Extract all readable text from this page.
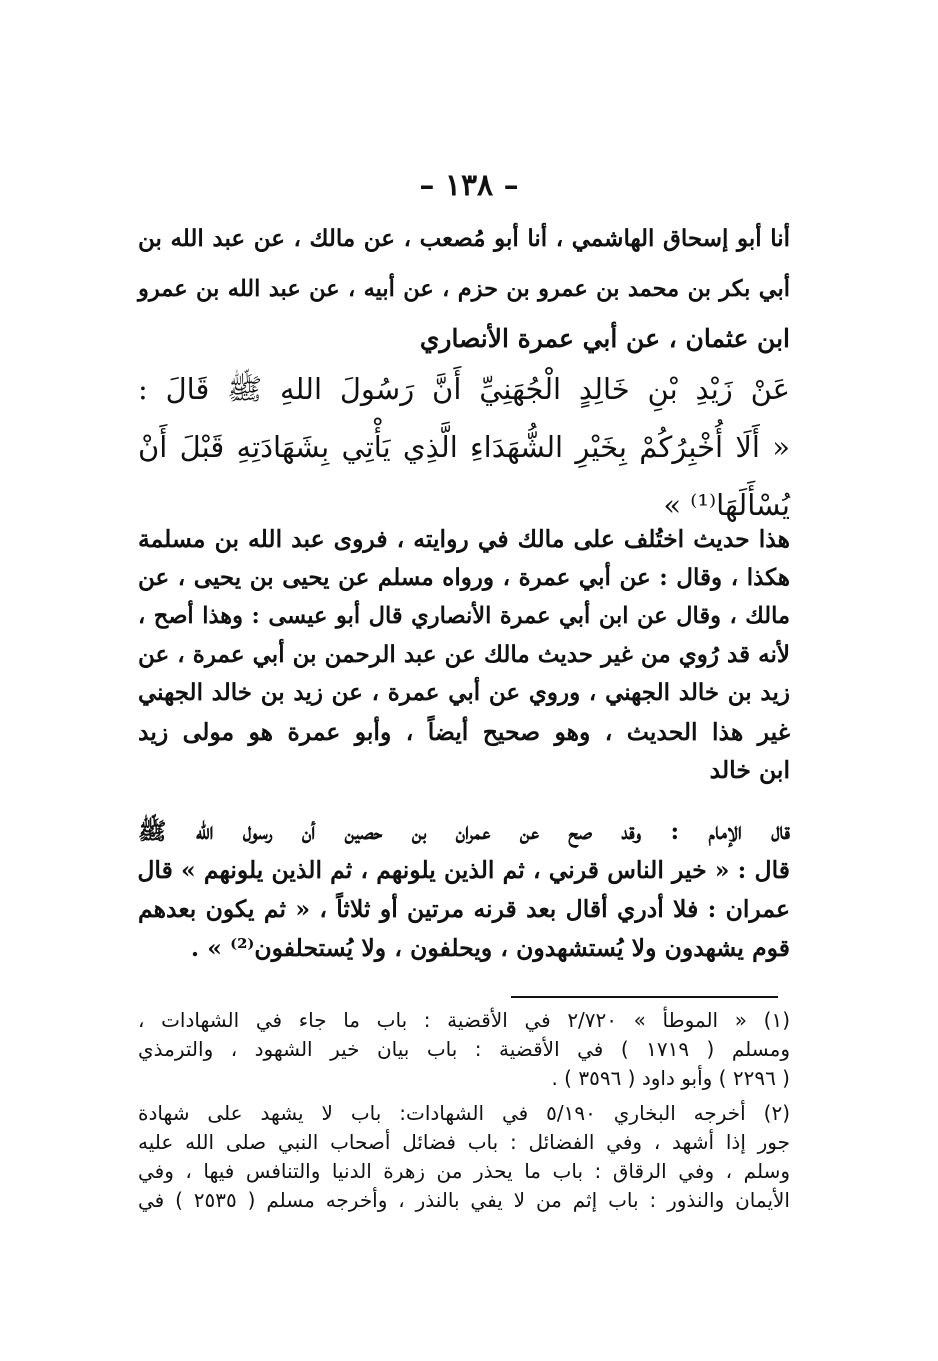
– ١٣٨ –
أنا أبو إسحاق الهاشمي ، أنا أبو مُصعب ، عن مالك ، عن عبد الله بن
أبي بكر بن محمد بن عمرو بن حزم ، عن أبيه ، عن عبد الله بن عمرو
ابن عثمان ، عن أبي عمرة الأنصاري
عَنْ زَيْدِ بْنِ خَالِدٍ الْجُهَنِيِّ أَنَّ رَسُولَ اللهِ ﷺ قَالَ :
« أَلَا أُخْبِرُكُمْ بِخَيْرِ الشُّهَدَاءِ الَّذِي يَأْتِي بِشَهَادَتِهِ قَبْلَ أَنْ
يُسْأَلَهَا⁽¹⁾ »
هذا حديث اختُلف على مالك في روايته ، فروى عبد الله بن مسلمة
هكذا ، وقال : عن أبي عمرة ، ورواه مسلم عن يحيى بن يحيى ، عن
مالك ، وقال عن ابن أبي عمرة الأنصاري قال أبو عيسى : وهذا أصح ،
لأنه قد رُوي من غير حديث مالك عن عبد الرحمن بن أبي عمرة ، عن
زيد بن خالد الجهني ، وروي عن أبي عمرة ، عن زيد بن خالد الجهني
غير هذا الحديث ، وهو صحيح أيضاً ، وأبو عمرة هو مولى زيد
ابن خالد
قال الإمام : وقد صح عن عمران بن حصين أن رسول الله ﷺ
قال : « خير الناس قرني ، ثم الذين يلونهم ، ثم الذين يلونهم » قال
عمران : فلا أدري أقال بعد قرنه مرتين أو ثلاثاً ، « ثم يكون بعدهم
قوم يشهدون ولا يُستشهدون ، ويحلفون ، ولا يُستحلفون⁽²⁾ » .
(١) « الموطأ » ٢/٧٢٠ في الأقضية : باب ما جاء في الشهادات ،
ومسلم ( ١٧١٩ ) في الأقضية : باب بيان خير الشهود ، والترمذي
( ٢٢٩٦ ) وأبو داود ( ٣٥٩٦ ) .
(٢) أخرجه البخاري ٥/١٩٠ في الشهادات: باب لا يشهد على شهادة
جور إذا أشهد ، وفي الفضائل : باب فضائل أصحاب النبي صلى الله عليه
وسلم ، وفي الرقاق : باب ما يحذر من زهرة الدنيا والتنافس فيها ، وفي
الأيمان والنذور : باب إثم من لا يفي بالنذر ، وأخرجه مسلم ( ٢٥٣٥ ) في
